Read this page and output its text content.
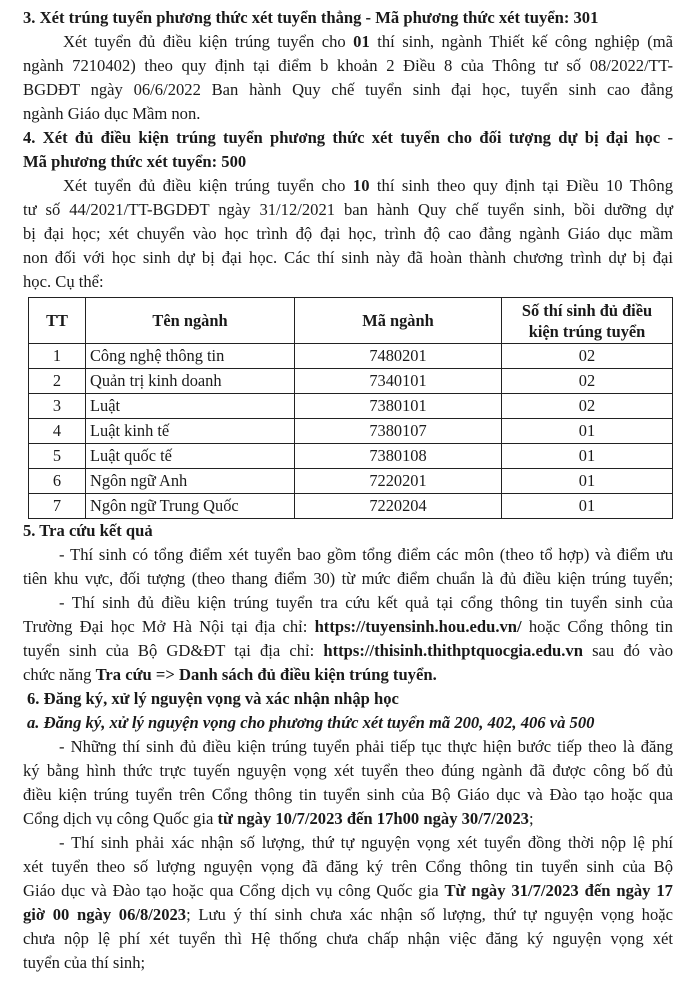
3. Xét trúng tuyển phương thức xét tuyển thẳng - Mã phương thức xét tuyển: 301

Xét tuyển đủ điều kiện trúng tuyển cho 01 thí sinh, ngành Thiết kế công nghiệp (mã

ngành 7210402) theo quy định tại điểm b khoản 2 Điều 8 của Thông tư số 08/2022/TT-

BGDĐT ngày 06/6/2022 Ban hành Quy chế tuyển sinh đại học, tuyển sinh cao đẳng

ngành Giáo dục Mầm non.

4. Xét đủ điều kiện trúng tuyển phương thức xét tuyển cho đối tượng dự bị đại học -

Mã phương thức xét tuyển: 500

Xét tuyển đủ điều kiện trúng tuyển cho 10 thí sinh theo quy định tại Điều 10 Thông

tư số 44/2021/TT-BGDĐT ngày 31/12/2021 ban hành Quy chế tuyển sinh, bồi dưỡng dự

bị đại học; xét chuyển vào học trình độ đại học, trình độ cao đẳng ngành Giáo dục mầm

non đối với học sinh dự bị đại học. Các thí sinh này đã hoàn thành chương trình dự bị đại

học. Cụ thể:

TT	Tên ngành	Mã ngành	Số thí sinh đủ điều kiện trúng tuyển
1	Công nghệ thông tin	7480201	02
2	Quản trị kinh doanh	7340101	02
3	Luật	7380101	02
4	Luật kinh tế	7380107	01
5	Luật quốc tế	7380108	01
6	Ngôn ngữ Anh	7220201	01
7	Ngôn ngữ Trung Quốc	7220204	01

5. Tra cứu kết quả

- Thí sinh có tổng điểm xét tuyển bao gồm tổng điểm các môn (theo tổ hợp) và điểm ưu

tiên khu vực, đối tượng (theo thang điểm 30) từ mức điểm chuẩn là đủ điều kiện trúng tuyển;

- Thí sinh đủ điều kiện trúng tuyển tra cứu kết quả tại cổng thông tin tuyển sinh của

Trường Đại học Mở Hà Nội tại địa chỉ: https://tuyensinh.hou.edu.vn/ hoặc Cổng thông tin

tuyển sinh của Bộ GD&ĐT tại địa chỉ: https://thisinh.thithptquocgia.edu.vn sau đó vào

chức năng Tra cứu => Danh sách đủ điều kiện trúng tuyển.

6. Đăng ký, xử lý nguyện vọng và xác nhận nhập học

a. Đăng ký, xử lý nguyện vọng cho phương thức xét tuyển mã 200, 402, 406 và 500

- Những thí sinh đủ điều kiện trúng tuyển phải tiếp tục thực hiện bước tiếp theo là đăng

ký bằng hình thức trực tuyến nguyện vọng xét tuyển theo đúng ngành đã được công bố đủ

điều kiện trúng tuyển trên Cổng thông tin tuyển sinh của Bộ Giáo dục và Đào tạo hoặc qua

Cổng dịch vụ công Quốc gia từ ngày 10/7/2023 đến 17h00 ngày 30/7/2023;

- Thí sinh phải xác nhận số lượng, thứ tự nguyện vọng xét tuyển đồng thời nộp lệ phí

xét tuyển theo số lượng nguyện vọng đã đăng ký trên Cổng thông tin tuyển sinh của Bộ

Giáo dục và Đào tạo hoặc qua Cổng dịch vụ công Quốc gia Từ ngày 31/7/2023 đến ngày 17

giờ 00 ngày 06/8/2023; Lưu ý thí sinh chưa xác nhận số lượng, thứ tự nguyện vọng hoặc

chưa nộp lệ phí xét tuyển thì Hệ thống chưa chấp nhận việc đăng ký nguyện vọng xét

tuyển của thí sinh;
